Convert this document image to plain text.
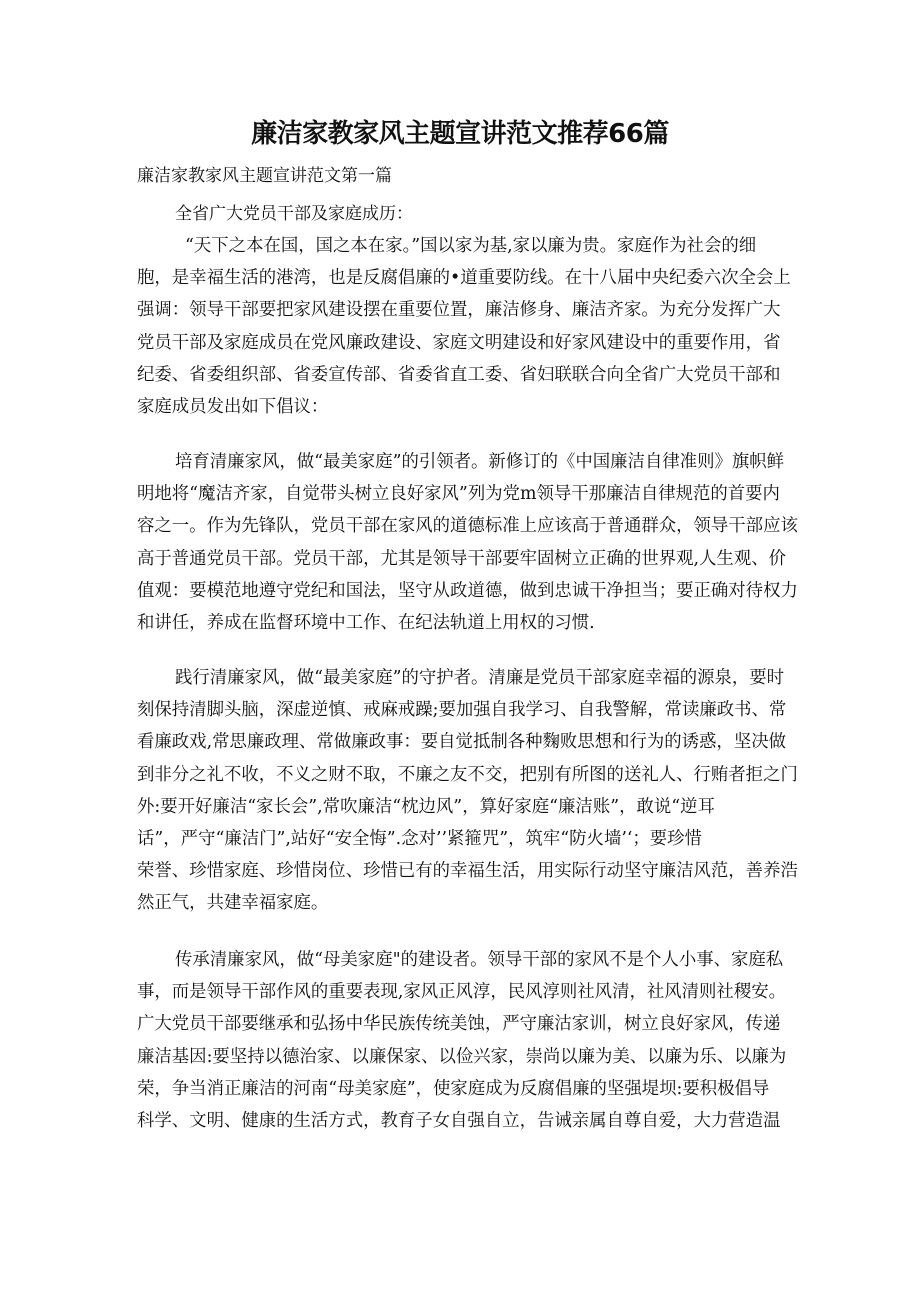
廉洁家教家风主题宣讲范文推荐66篇
廉洁家教家风主题宣讲范文第一篇
全省广大党员干部及家庭成历：

“天下之本在国，国之本在家。”国以家为基,家以廉为贵。家庭作为社会的细
胞，是幸福生活的港湾，也是反腐倡廉的•道重要防线。在十八届中央纪委六次全会上
强调：领导干部要把家风建设摆在重要位置，廉洁修身、廉洁齐家。为充分发挥广大
党员干部及家庭成员在党风廉政建设、家庭文明建设和好家风建设中的重要作用，省
纪委、省委组织部、省委宣传部、省委省直工委、省妇联联合向全省广大党员干部和
家庭成员发出如下倡议：

培育清廉家风，做“最美家庭”的引领者。新修订的《中国廉洁自律准则》旗帜鲜
明地将“魔洁齐家，自觉带头树立良好家风”列为党m领导干那廉洁自律规范的首要内
容之一。作为先锋队，党员干部在家风的道德标准上应该高于普通群众，领导干部应该
高于普通党员干部。党员干部，尤其是领导干部要牢固树立正确的世界观,人生观、价
值观：要模范地遵守党纪和国法，坚守从政道德，做到忠诚干净担当；要正确对待权力
和讲任，养成在监督环境中工作、在纪法轨道上用权的习惯.

践行清廉家风，做“最美家庭”的守护者。清廉是党员干部家庭幸福的源泉，要时
刻保持清脚头脑，深虚逆慎、戒麻戒躁;要加强自我学习、自我警解，常读廉政书、常
看廉政戏,常思廉政理、常做廉政事：要自觉抵制各种麴败思想和行为的诱惑，坚决做
到非分之礼不收，不义之财不取，不廉之友不交，把别有所图的送礼人、行贿者拒之门
外:要开好廉洁“家长会”,常吹廉洁“枕边风”，算好家庭“廉洁账”，敢说“逆耳
话”，严守“廉洁门”,站好“安全悔”.念对’’紧箍咒”，筑牢“防火墙’‘；要珍惜
荣誉、珍惜家庭、珍惜岗位、珍惜已有的幸福生活，用实际行动坚守廉洁风范，善养浩
然正气，共建幸福家庭。

传承清廉家风，做“母美家庭"的建设者。领导干部的家风不是个人小事、家庭私
事，而是领导干部作风的重要表现,家风正风淳，民风淳则社风清，社风清则社稷安。
广大党员干部要继承和弘扬中华民族传统美蚀，严守廉沽家训，树立良好家风，传递
廉洁基因:要坚持以德治家、以廉保家、以俭兴家，崇尚以廉为美、以廉为乐、以廉为
荣，争当消正廉洁的河南“母美家庭”，使家庭成为反腐倡廉的坚强堤坝:要积极倡导
科学、文明、健康的生活方式，教育子女自强自立，告诫亲属自尊自爱，大力营造温
